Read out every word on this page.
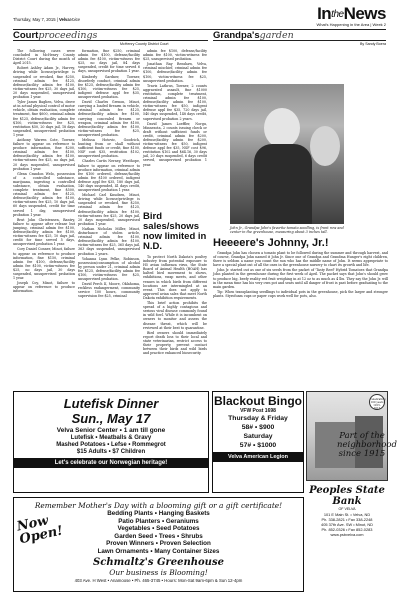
Thursday, May 7, 2015 | VelvaVoice	IntheNews
What's Happening in the Area | Week 2
Courtproceedings
McHenry County District Court

The following cases were concluded in McHenry County District Court during the month of April 2015.

Robert Ashley Adam Jr., Harvey, driving while license/privilege is suspended or revoked, fine $250, criminal admin fee $125, defense/facility admin fee $100, victim-witness fee $25, 30 days jail, 20 days suspended, unsupervised probation 1 year.

Tyler James Baglien, Velva, drove at in actual physical control of motor vehicle, obtain evaluation, complete treatment, fine $600, criminal admin fee $125, defense/facility admin fee $100, victim-witness fee $25, restitution $50, 20 days jail, 18 days suspended, unsupervised probation 1 year.

Anthony Warren Cote, Towner, failure to appear on reference to produce information, fine $200, criminal admin fee $100, defense/facility admin fee $100, victim-witness fee $25, no days jail, 20 days suspended, unsupervised probation 1 year.

Glenn Crandon Welo, possession of a controlled substance, marijuana, ingesting a controlled substance, obtain evaluation, complete treatment, fine $500, criminal admin fee $125, defense/facility admin fee $100, victim-witness fee $25, 10 days jail, 60 days suspended, credit for time served 1 day, unsupervised probation 1 year.

Brut John Christensen, Bantry, failure to appear after release but jumping, criminal admin fee $100, defense/facility admin fee $100, victim-witness fee $25, 10 days jail, credit for time served 5 days, unsupervised probation 1 year.

Cory Daniel Conner, Minot, failure to appear on reference to produce information, fine $150, criminal admin fee $100, defense/facility admin fee $100, victim-witness fee $25, no days jail, 30 days suspended, unsupervised probation 1 year.

Joseph Coy, Minot, failure to appear on reference to produce information.

formation, fine $250, criminal admin fee $100, defense/facility admin fee $100, victim-witness fee $25, no days jail, 84 days suspended, credit for time served 6 days, unsupervised probation 1 year.

Kimberly Gardner, Towner, disorderly conduct, criminal admin fee $125, defense/facility admin fee $100, victim-witness fee $25, indigent defense appl fee $35, unsupervised probation.

David Charles Grenon, Minot, carrying a loaded firearm in vehicle, criminal admin fee $125, defense/facility admin fee $100, carrying concealed firearm or weapon, criminal admin fee $100, defense/facility admin fee $100, victim-witness fee $25, unsupervised probation.

Melissa Hotovic, Goodrich, hunting from or shall without sufficient funds or credit, fine $100, NSF cost $35, restitution $102, unsupervised probation.

Charles Curtis Nerney, Westhope, failure to appear on reference to produce information, criminal admin fee $100 ordered, defense/facility admin fee $100 ordered, indigent defense appl fee $35, 180 days jail, 140 days suspended, 41 days credit, unsupervised probation 1 year.

Michael Carl Knudsen, Minot, driving while license/privilege is suspended or revoked, fine $250, criminal admin fee $125, defense/facility admin fee $100, victim-witness fee $25, 20 days jail, 20 days suspended, unsupervised probation 1 year.

Nathan Nicholas Miller, Minot, disturbance of stolen article, criminal admin fee $100, defense/facility admin fee $100, victim-witness fee $25, 365 days jail, 363 days suspended, unsupervised probation 2 years.

Yohanna Lynn Pelke, Robinson, possession/consumption of alcohol by person under 21, criminal admin fee $125, defense/facility admin fee $100, victim-witness fee $25, unsupervised probation.

David Perch II, Moore, Oklahoma, reckless endangerment, community service 100 hours, community supervision fee $25, criminal

admin fee $100, defense/facility admin fee $100, victim-witness fee $25, unsupervised probation.

Jonathan Ray Renshaw, Velva, criminal mischief, criminal admin fee $100, defense/facility admin fee $100, victim-witness fee $25, unsupervised probation.

Travis Lathrus, Towner, 2 counts aggravated assault, fine $1000 restitution, complete treatment, criminal admin fee $100, defense/facility admin fee $100, victim-witness fee $50, indigent defense appl fee $35, 720 days jail, 540 days suspended, 148 days credit, supervised probation 2 years.

David James Loeffler, Norgu, Minnesota, 2 counts issuing check or draft without sufficient funds or credit, criminal admin fee $200, defense/facility admin fee $200, victim-witness fee $50, indigent defense appl fee $35, NSF cost $96, restitution $102 and $64.16, 30 days jail, 20 days suspended, 6 days credit served, unsupervised probation 1 year.

Bird sales/shows now limited in N.D.

To protect North Dakota's poultry industry from potential exposure to H5 avian influenza virus, the State Board of Animal Health (BOAH) has halted bird movement to shows, exhibitions, swap meets, and other venues in which birds from different locations are intermingled at an event. This does not apply to approved avian sales that meet North Dakota exhibition requirements.

This brief action prohibits the spread of a highly contagious and serious viral disease commonly found in wild fowl. While it is incumbent on owners to monitor and assess the disease threat, which will be reviewed at their best to quarantine.

Bird owners should immediately report death loss to their local and state veterinarian, restrict access to their property, prevent contact between their birds and wild birds and practice enhanced biosecurity.

Grandpa'sgarden
By Sandy Boera
John Jr., Grandpa John's favorite tomato seedling, is front row and center in the greenhouse, measuring about 3 inches tall.
Heeeere's Johnny, Jr.!

Grandpa John has chosen a tomato plant to be followed during the summer and through harvest, and of course, Grandpa John named it John Jr. Since one of Grandpa and Grandma Hunger's eight children, there is seldom a name you count the sun who has the middle name of John. It seems appropriate to have a special plant out of all the ones in the greenhouse nursery to chart its growth and life.

John Jr. started out as one of six seeds from the packet of 'Tasty Reef' Hybrid Tomatoes that Grandpa John planted in the greenhouse during the first week of April. The packet says that John's should grow to produce big, beefy reality red fruit weighing in at 12 oz to as much as 4 lbs. They say the John Jr. will in the mean time has his very own pot and seats until all danger of frost is past before graduating to the main garden.

Tip: When transplanting seedlings to individual pots in the greenhouse, pick the larger and stronger plants. Styrofoam cups or paper cups work well for pots, also.

Lutefisk Dinner
Sun., May 17
Velva Senior Center • 1 am till gone
Lutefisk • Meatballs & Gravy
Mashed Potatoes • Lefse • Rommegrot
$15 Adults • $7 Children
Let's celebrate our Norwegian heritage!
Blackout Bingo
VFW Post 1698
Thursday & Friday
58# • $900
Saturday
57# • $1000
Velva American Legion
Celebrating 100 years 1915-2015
Part of the neighborhood since 1915
Now Open!
Remember Mother's Day with a blooming gift or a gift certificate!
Bedding Plants • Hanging Baskets
Patio Planters • Geraniums
Vegetables • Seed Potatoes
Garden Seed • Trees • Shrubs
Proven Winners • Proven Selection
Lawn Ornaments • Many Container Sizes
Schmaltz's Greenhouse
Our business is Blooming!
403 Ave. H West • Anamoose • Ph. 465-3745 • Hours: Mon-Sat 9am-6pm & Sun 12-4pm
Peoples State Bank
OF VELVA
101 E Main St. • Velva, ND
Ph. 338-2821 • Fax 338-2248
405 37th Ave. SW • Minot, ND
Ph. 852-0326 • Fax 852-0283
www.psbvelva.com
